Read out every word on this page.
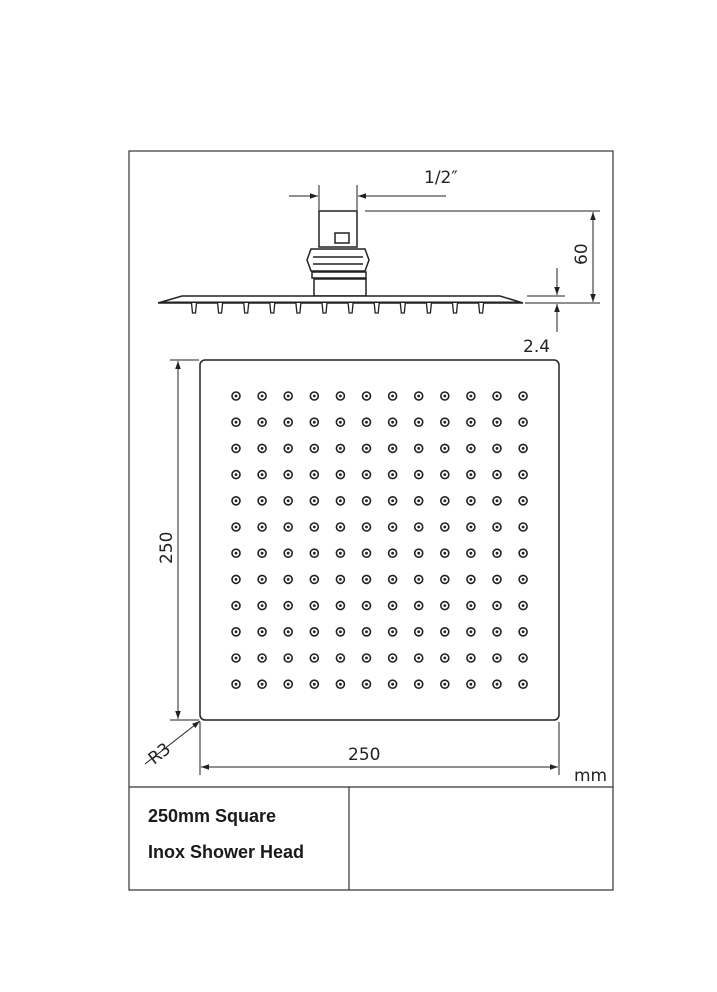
1/2″
60
2.4
250
250
R3
mm
250mm Square
Inox Shower Head
